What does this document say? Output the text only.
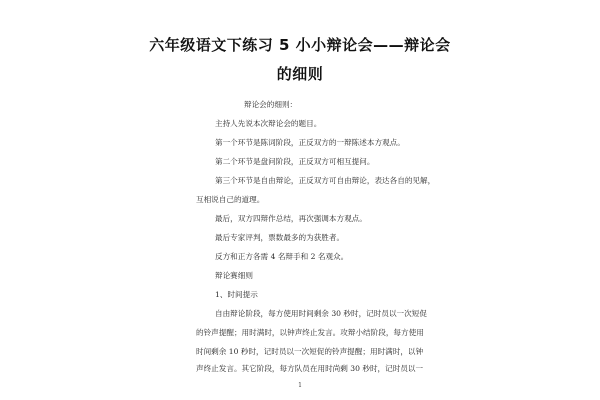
六年级语文下练习 5 小小辩论会——辩论会
的细则
辩论会的细则：
主持人先说本次辩论会的题目。
第一个环节是陈词阶段，正反双方的一辩陈述本方观点。
第二个环节是盘问阶段，正反双方可相互提问。
第三个环节是自由辩论，正反双方可自由辩论，表达各自的见解，
互相说自己的道理。
最后，双方四辩作总结，再次强调本方观点。
最后专家评判，票数最多的为获胜者。
反方和正方各需 4 名辩手和 2 名观众。
辩论赛细则
1、时间提示
自由辩论阶段，每方使用时间剩余 30 秒时，记时员以一次短促
的铃声提醒；用时满时，以钟声终止发言。攻辩小结阶段，每方使用
时间剩余 10 秒时，记时员以一次短促的铃声提醒；用时满时，以钟
声终止发言。其它阶段，每方队员在用时尚剩 30 秒时，记时员以一
1
